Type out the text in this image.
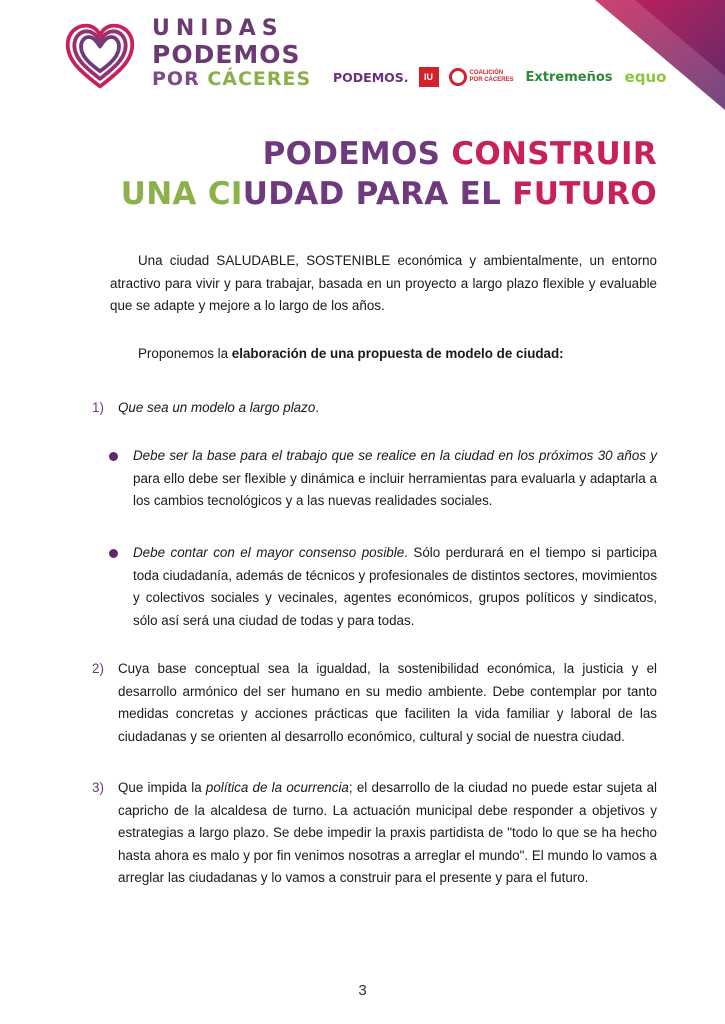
UNIDAS
PODEMOS
POR CÁCERES PODEMOS.	IU	COALICIÓN POR CÁCERES Extremeños equo
PODEMOS CONSTRUIR
UNA CIUDAD PARA EL FUTURO
Una ciudad SALUDABLE, SOSTENIBLE económica y ambientalmente, un entorno atractivo para vivir y para trabajar, basada en un proyecto a largo plazo flexible y evaluable que se adapte y mejore a lo largo de los años.
Proponemos la elaboración de una propuesta de modelo de ciudad:
1) Que sea un modelo a largo plazo.
Debe ser la base para el trabajo que se realice en la ciudad en los próximos 30 años y para ello debe ser flexible y dinámica e incluir herramientas para evaluarla y adaptarla a los cambios tecnológicos y a las nuevas realidades sociales.
Debe contar con el mayor consenso posible. Sólo perdurará en el tiempo si participa toda ciudadanía, además de técnicos y profesionales de distintos sectores, movimientos y colectivos sociales y vecinales, agentes económicos, grupos políticos y sindicatos, sólo así será una ciudad de todas y para todas.
2) Cuya base conceptual sea la igualdad, la sostenibilidad económica, la justicia y el desarrollo armónico del ser humano en su medio ambiente. Debe contemplar por tanto medidas concretas y acciones prácticas que faciliten la vida familiar y laboral de las ciudadanas y se orienten al desarrollo económico, cultural y social de nuestra ciudad.
3) Que impida la política de la ocurrencia; el desarrollo de la ciudad no puede estar sujeta al capricho de la alcaldesa de turno. La actuación municipal debe responder a objetivos y estrategias a largo plazo. Se debe impedir la praxis partidista de "todo lo que se ha hecho hasta ahora es malo y por fin venimos nosotras a arreglar el mundo". El mundo lo vamos a arreglar las ciudadanas y lo vamos a construir para el presente y para el futuro.
3
